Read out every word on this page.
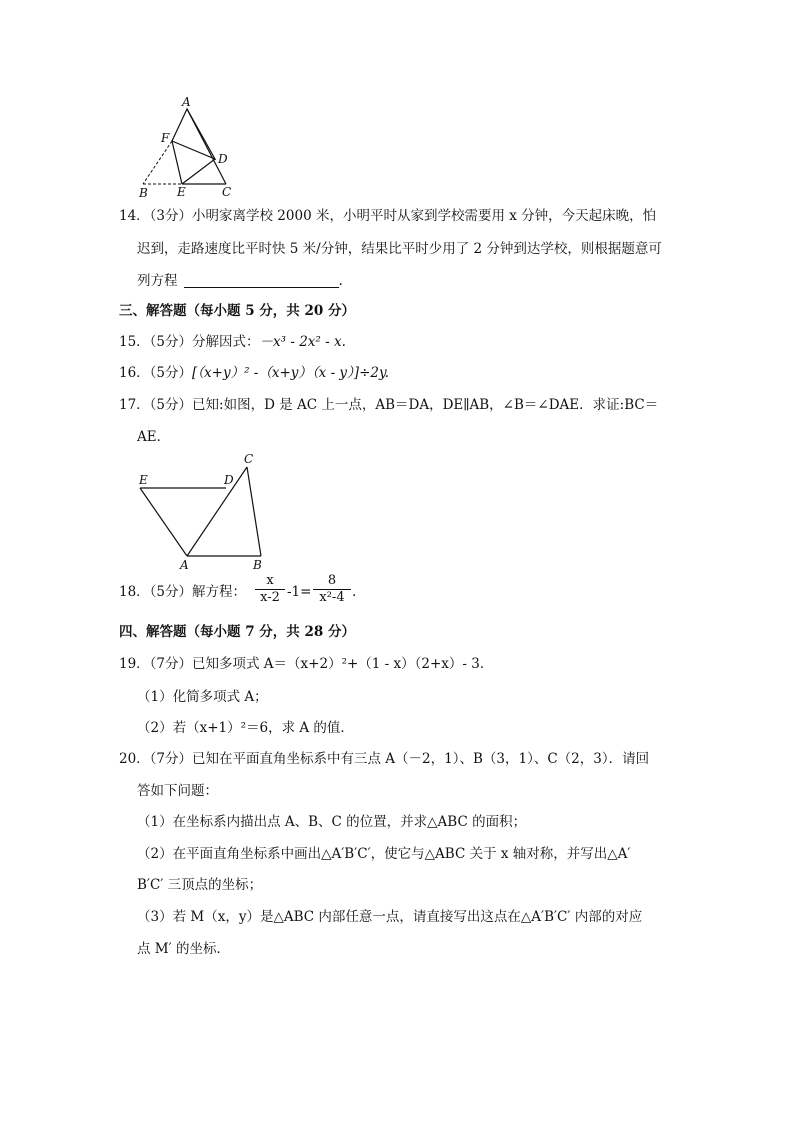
A
F
D
B E	C
14．（3分）小明家离学校 2000 米，小明平时从家到学校需要用 x 分钟，今天起床晚，怕
迟到，走路速度比平时快 5 米/分钟，结果比平时少用了 2 分钟到达学校，则根据题意可
列方程	.
三、解答题（每小题 5 分，共 20 分）
15．（5分）分解因式：－x³ - 2x² - x.
16．（5分）[（x+y）² -（x+y）（x - y）]÷2y.
17．（5分）已知:如图，D 是 AC 上一点，AB＝DA，DE∥AB，∠B＝∠DAE．求证:BC＝
AE．
C
E	D
A	B
18．（5分）解方程：
x
x-2 -1=
8
x²-4 .
四、解答题（每小题 7 分，共 28 分）
19．（7分）已知多项式 A＝（x+2）²+（1 - x）（2+x）- 3．
（1）化简多项式 A；
（2）若（x+1）²＝6，求 A 的值．
20．（7分）已知在平面直角坐标系中有三点 A（－2，1）、B（3，1）、C（2，3）．请回
答如下问题：
（1）在坐标系内描出点 A、B、C 的位置，并求△ABC 的面积；
（2）在平面直角坐标系中画出△A′B′C′，使它与△ABC 关于 x 轴对称，并写出△A′
B′C′ 三顶点的坐标；
（3）若 M（x，y）是△ABC 内部任意一点，请直接写出这点在△A′B′C′ 内部的对应
点 M′ 的坐标．
